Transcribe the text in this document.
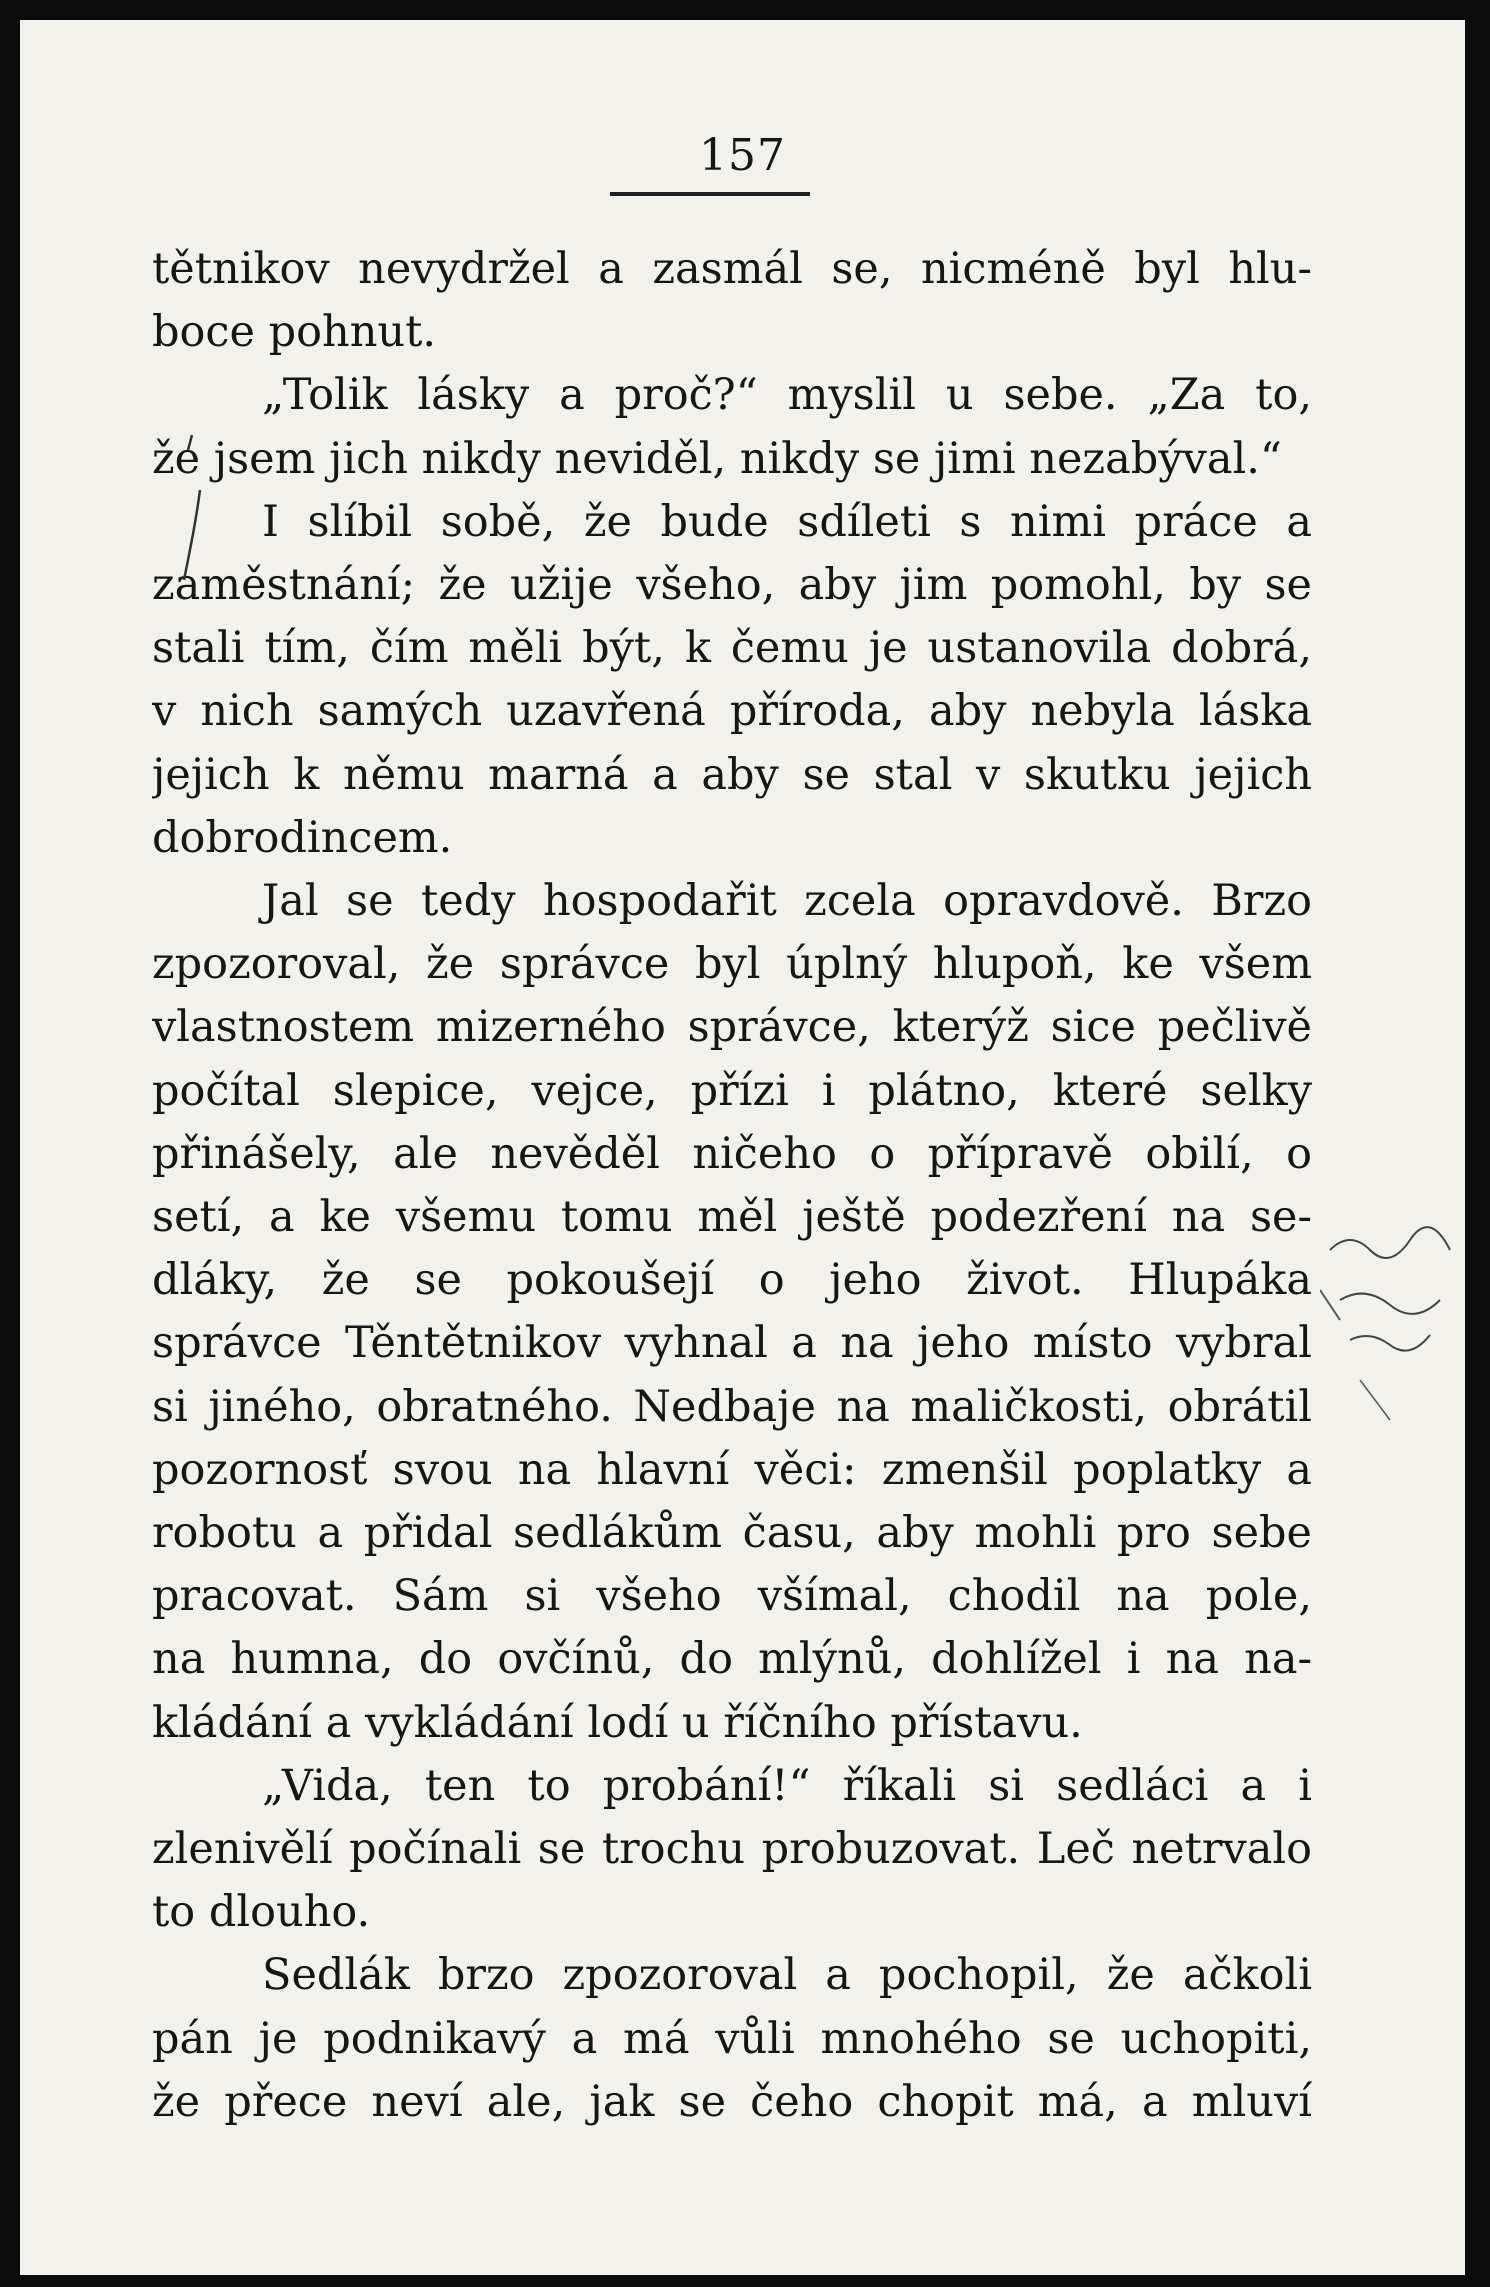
157
tětnikov nevydržel a zasmál se, nicméně byl hlu-
boce pohnut.
„Tolik lásky a proč?“ myslil u sebe. „Za to,
že jsem jich nikdy neviděl, nikdy se jimi nezabýval.“
I slíbil sobě, že bude sdíleti s nimi práce a
zaměstnání; že užije všeho, aby jim pomohl, by se
stali tím, čím měli být, k čemu je ustanovila dobrá,
v nich samých uzavřená příroda, aby nebyla láska
jejich k němu marná a aby se stal v skutku jejich
dobrodincem.
Jal se tedy hospodařit zcela opravdově. Brzo
zpozoroval, že správce byl úplný hlupoň, ke všem
vlastnostem mizerného správce, kterýž sice pečlivě
počítal slepice, vejce, přízi i plátno, které selky
přinášely, ale nevěděl ničeho o přípravě obilí, o
setí, a ke všemu tomu měl ještě podezření na se-
dláky, že se pokoušejí o jeho život. Hlupáka
správce Těntětnikov vyhnal a na jeho místo vybral
si jiného, obratného. Nedbaje na maličkosti, obrátil
pozornosť svou na hlavní věci: zmenšil poplatky a
robotu a přidal sedlákům času, aby mohli pro sebe
pracovat. Sám si všeho všímal, chodil na pole,
na humna, do ovčínů, do mlýnů, dohlížel i na na-
kládání a vykládání lodí u říčního přístavu.
„Vida, ten to probání!“ říkali si sedláci a i
zlenivělí počínali se trochu probuzovat. Leč netrvalo
to dlouho.
Sedlák brzo zpozoroval a pochopil, že ačkoli
pán je podnikavý a má vůli mnohého se uchopiti,
že přece neví ale, jak se čeho chopit má, a mluví
